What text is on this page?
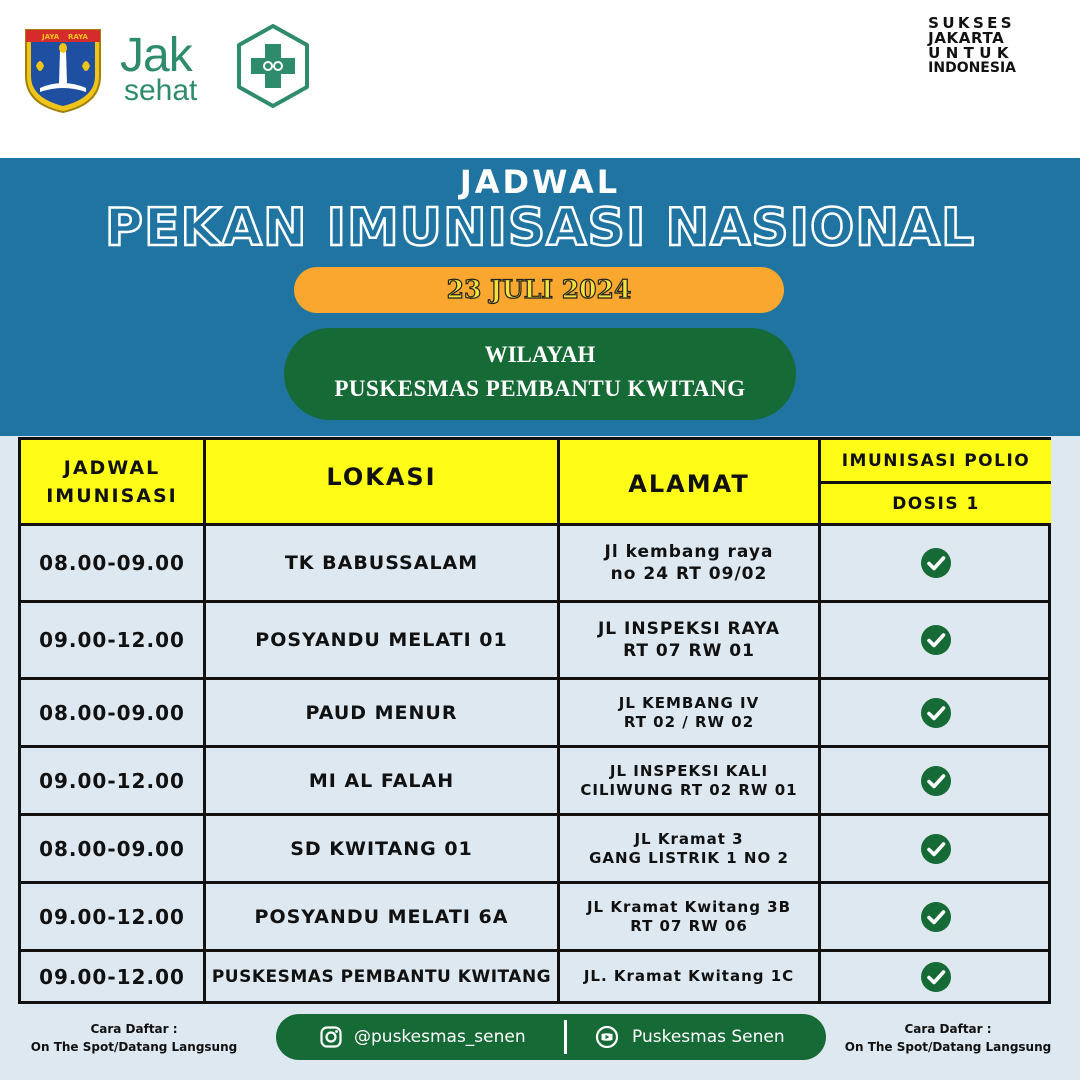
JAYA RAYA Jak
sehat
SUKSES
JAKARTA
UNTUK
INDONESIA
JADWAL
PEKAN IMUNISASI NASIONAL
23 JULI 2024
WILAYAH
PUSKESMAS PEMBANTU KWITANG
JADWAL
IMUNISASI
LOKASI	ALAMAT
IMUNISASI POLIO
DOSIS 1
08.00-09.00	TK BABUSSALAM	Jl kembang raya
no 24 RT 09/02
09.00-12.00	POSYANDU MELATI 01	JL INSPEKSI RAYA
RT 07 RW 01
08.00-09.00	PAUD MENUR	JL KEMBANG IV
RT 02 / RW 02
09.00-12.00	MI AL FALAH	JL INSPEKSI KALI
CILIWUNG RT 02 RW 01
08.00-09.00	SD KWITANG 01	JL Kramat 3
GANG LISTRIK 1 NO 2
09.00-12.00	POSYANDU MELATI 6A	JL Kramat Kwitang 3B
RT 07 RW 06
09.00-12.00	PUSKESMAS PEMBANTU KWITANG	JL. Kramat Kwitang 1C
Cara Daftar :
On The Spot/Datang Langsung	@puskesmas_senen	Puskesmas Senen	Cara Daftar :
On The Spot/Datang Langsung
